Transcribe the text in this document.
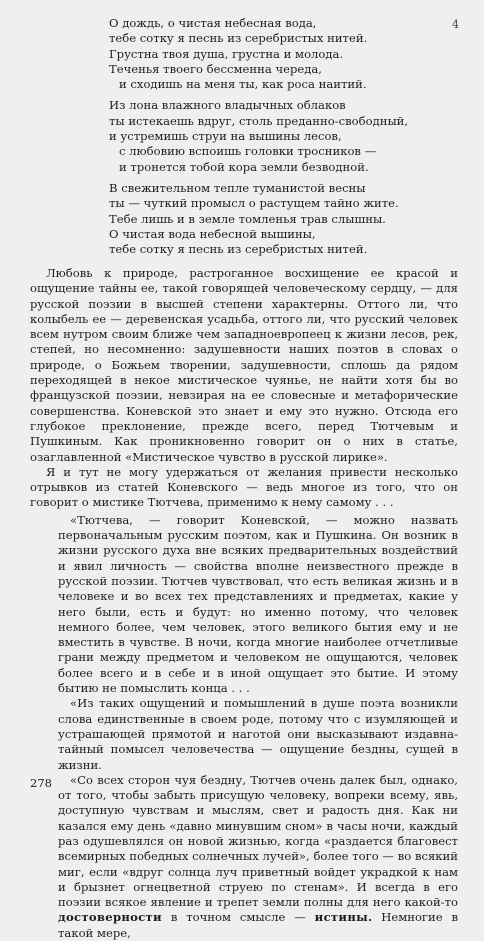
4
О дождь, о чистая небесная вода,
тебе сотку я песнь из серебристых нитей.
Грустна твоя душа, грустна и молода.
Теченья твоего бессменна череда,
и сходишь на меня ты, как роса наитий.
Из лона влажного владычных облаков
ты истекаешь вдруг, столь преданно-свободный,
и устремишь струи на вышины лесов,
с любовию вспоишь головки тросников —
и тронется тобой кора земли безводной.
В свежительном тепле туманистой весны
ты — чуткий промысл о растущем тайно жите.
Тебе лишь и в земле томленья трав слышны.
О чистая вода небесной вышины,
тебе сотку я песнь из серебристых нитей.

Любовь к природе, растроганное восхищение ее красой и ощущение тайны ее, такой говорящей человеческому сердцу, — для русской поэзии в высшей степени характерны. Оттого ли, что колыбель ее — деревенская усадьба, оттого ли, что русский человек всем нутром своим ближе чем западноевропеец к жизни лесов, рек, степей, но несомненно: задушевности наших поэтов в словах о природе, о Божьем творении, задушевности, сплошь да рядом переходящей в некое мистическое чуянье, не найти хотя бы во французской поэзии, невзирая на ее словесные и метафорические совершенства. Коневской это знает и ему это нужно. Отсюда его глубокое преклонение, прежде всего, перед Тютчевым и Пушкиным. Как проникновенно говорит он о них в статье, озаглавленной «Мистическое чувство в русской лирике».

Я и тут не могу удержаться от желания привести несколько отрывков из статей Коневского — ведь многое из того, что он говорит о мистике Тютчева, применимо к нему самому . . .

«Тютчева, — говорит Коневской, — можно назвать первоначальным русским поэтом, как и Пушкина. Он возник в жизни русского духа вне всяких предварительных воздействий и явил личность — свойства вполне неизвестного прежде в русской поэзии. Тютчев чувствовал, что есть великая жизнь и в человеке и во всех тех представлениях и предметах, какие у него были, есть и будут: но именно потому, что человек немного более, чем человек, этого великого бытия ему и не вместить в чувстве. В ночи, когда многие наиболее отчетливые грани между предметом и человеком не ощущаются, человек более всего и в себе и в иной ощущает это бытие. И этому бытию не помыслить конца . . .

«Из таких ощущений и помышлений в душе поэта возникли слова единственные в своем роде, потому что с изумляющей и устрашающей прямотой и наготой они высказывают издавна-тайный помысел человечества — ощущение бездны, сущей в жизни.

«Со всех сторон чуя бездну, Тютчев очень далек был, однако, от того, чтобы забыть присущую человеку, вопреки всему, явь, доступную чувствам и мыслям, свет и радость дня. Как ни казался ему день «давно минувшим сном» в часы ночи, каждый раз одушевлялся он новой жизнью, когда «раздается благовест всемирных победных солнечных лучей», более того — во всякий миг, если «вдруг солнца луч приветный войдет украдкой к нам и брызнет огнецветной струею по стенам». И всегда в его поэзии всякое явление и трепет земли полны для него какой-то достоверности в точном смысле — истины. Немногие в такой мере,

278
